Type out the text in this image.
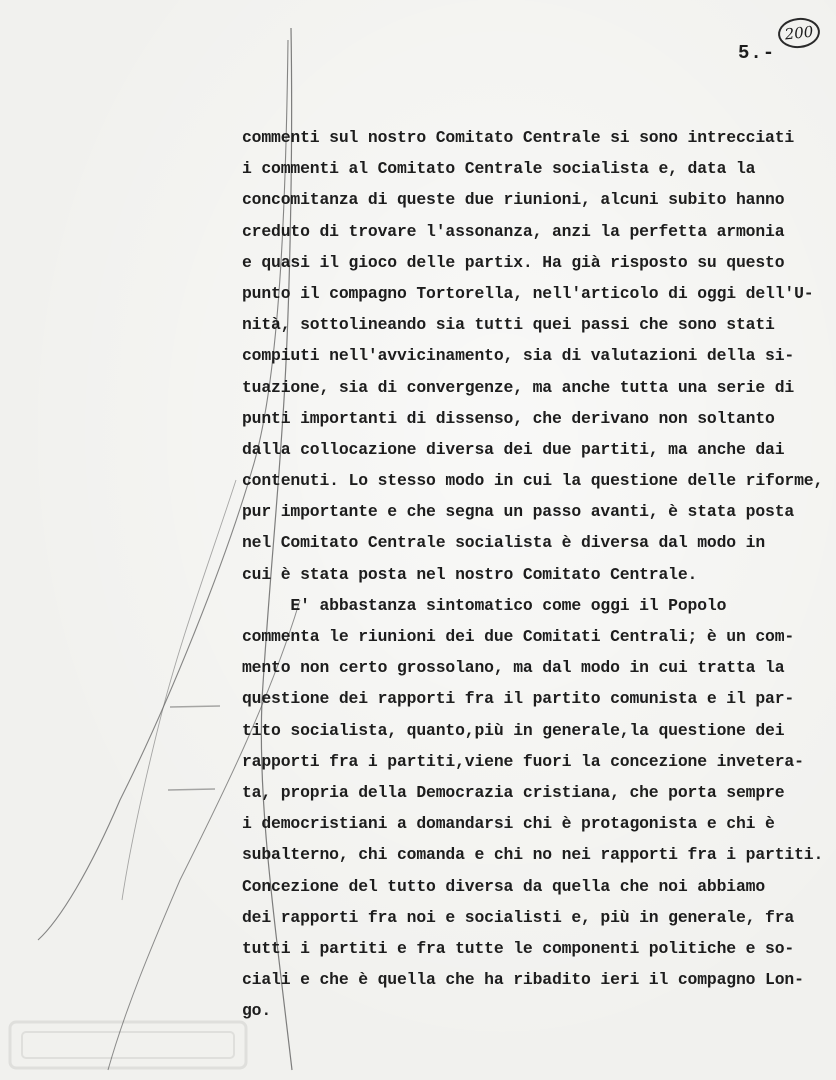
5.-
200
commenti sul nostro Comitato Centrale si sono intrecciati
i commenti al Comitato Centrale socialista e, data la
concomitanza di queste due riunioni, alcuni subito hanno
creduto di trovare l'assonanza, anzi la perfetta armonia
e quasi il gioco delle partix. Ha già risposto su questo
punto il compagno Tortorella, nell'articolo di oggi dell'U-
nità, sottolineando sia tutti quei passi che sono stati
compiuti nell'avvicinamento, sia di valutazioni della si-
tuazione, sia di convergenze, ma anche tutta una serie di
punti importanti di dissenso, che derivano non soltanto
dalla collocazione diversa dei due partiti, ma anche dai
contenuti. Lo stesso modo in cui la questione delle riforme,
pur importante e che segna un passo avanti, è stata posta
nel Comitato Centrale socialista è diversa dal modo in
cui è stata posta nel nostro Comitato Centrale.
E' abbastanza sintomatico come oggi il Popolo
commenta le riunioni dei due Comitati Centrali; è un com-
mento non certo grossolano, ma dal modo in cui tratta la
questione dei rapporti fra il partito comunista e il par-
tito socialista, quanto,più in generale,la questione dei
rapporti fra i partiti,viene fuori la concezione invetera-
ta, propria della Democrazia cristiana, che porta sempre
i democristiani a domandarsi chi è protagonista e chi è
subalterno, chi comanda e chi no nei rapporti fra i partiti.
Concezione del tutto diversa da quella che noi abbiamo
dei rapporti fra noi e socialisti e, più in generale, fra
tutti i partiti e fra tutte le componenti politiche e so-
ciali e che è quella che ha ribadito ieri il compagno Lon-
go.
